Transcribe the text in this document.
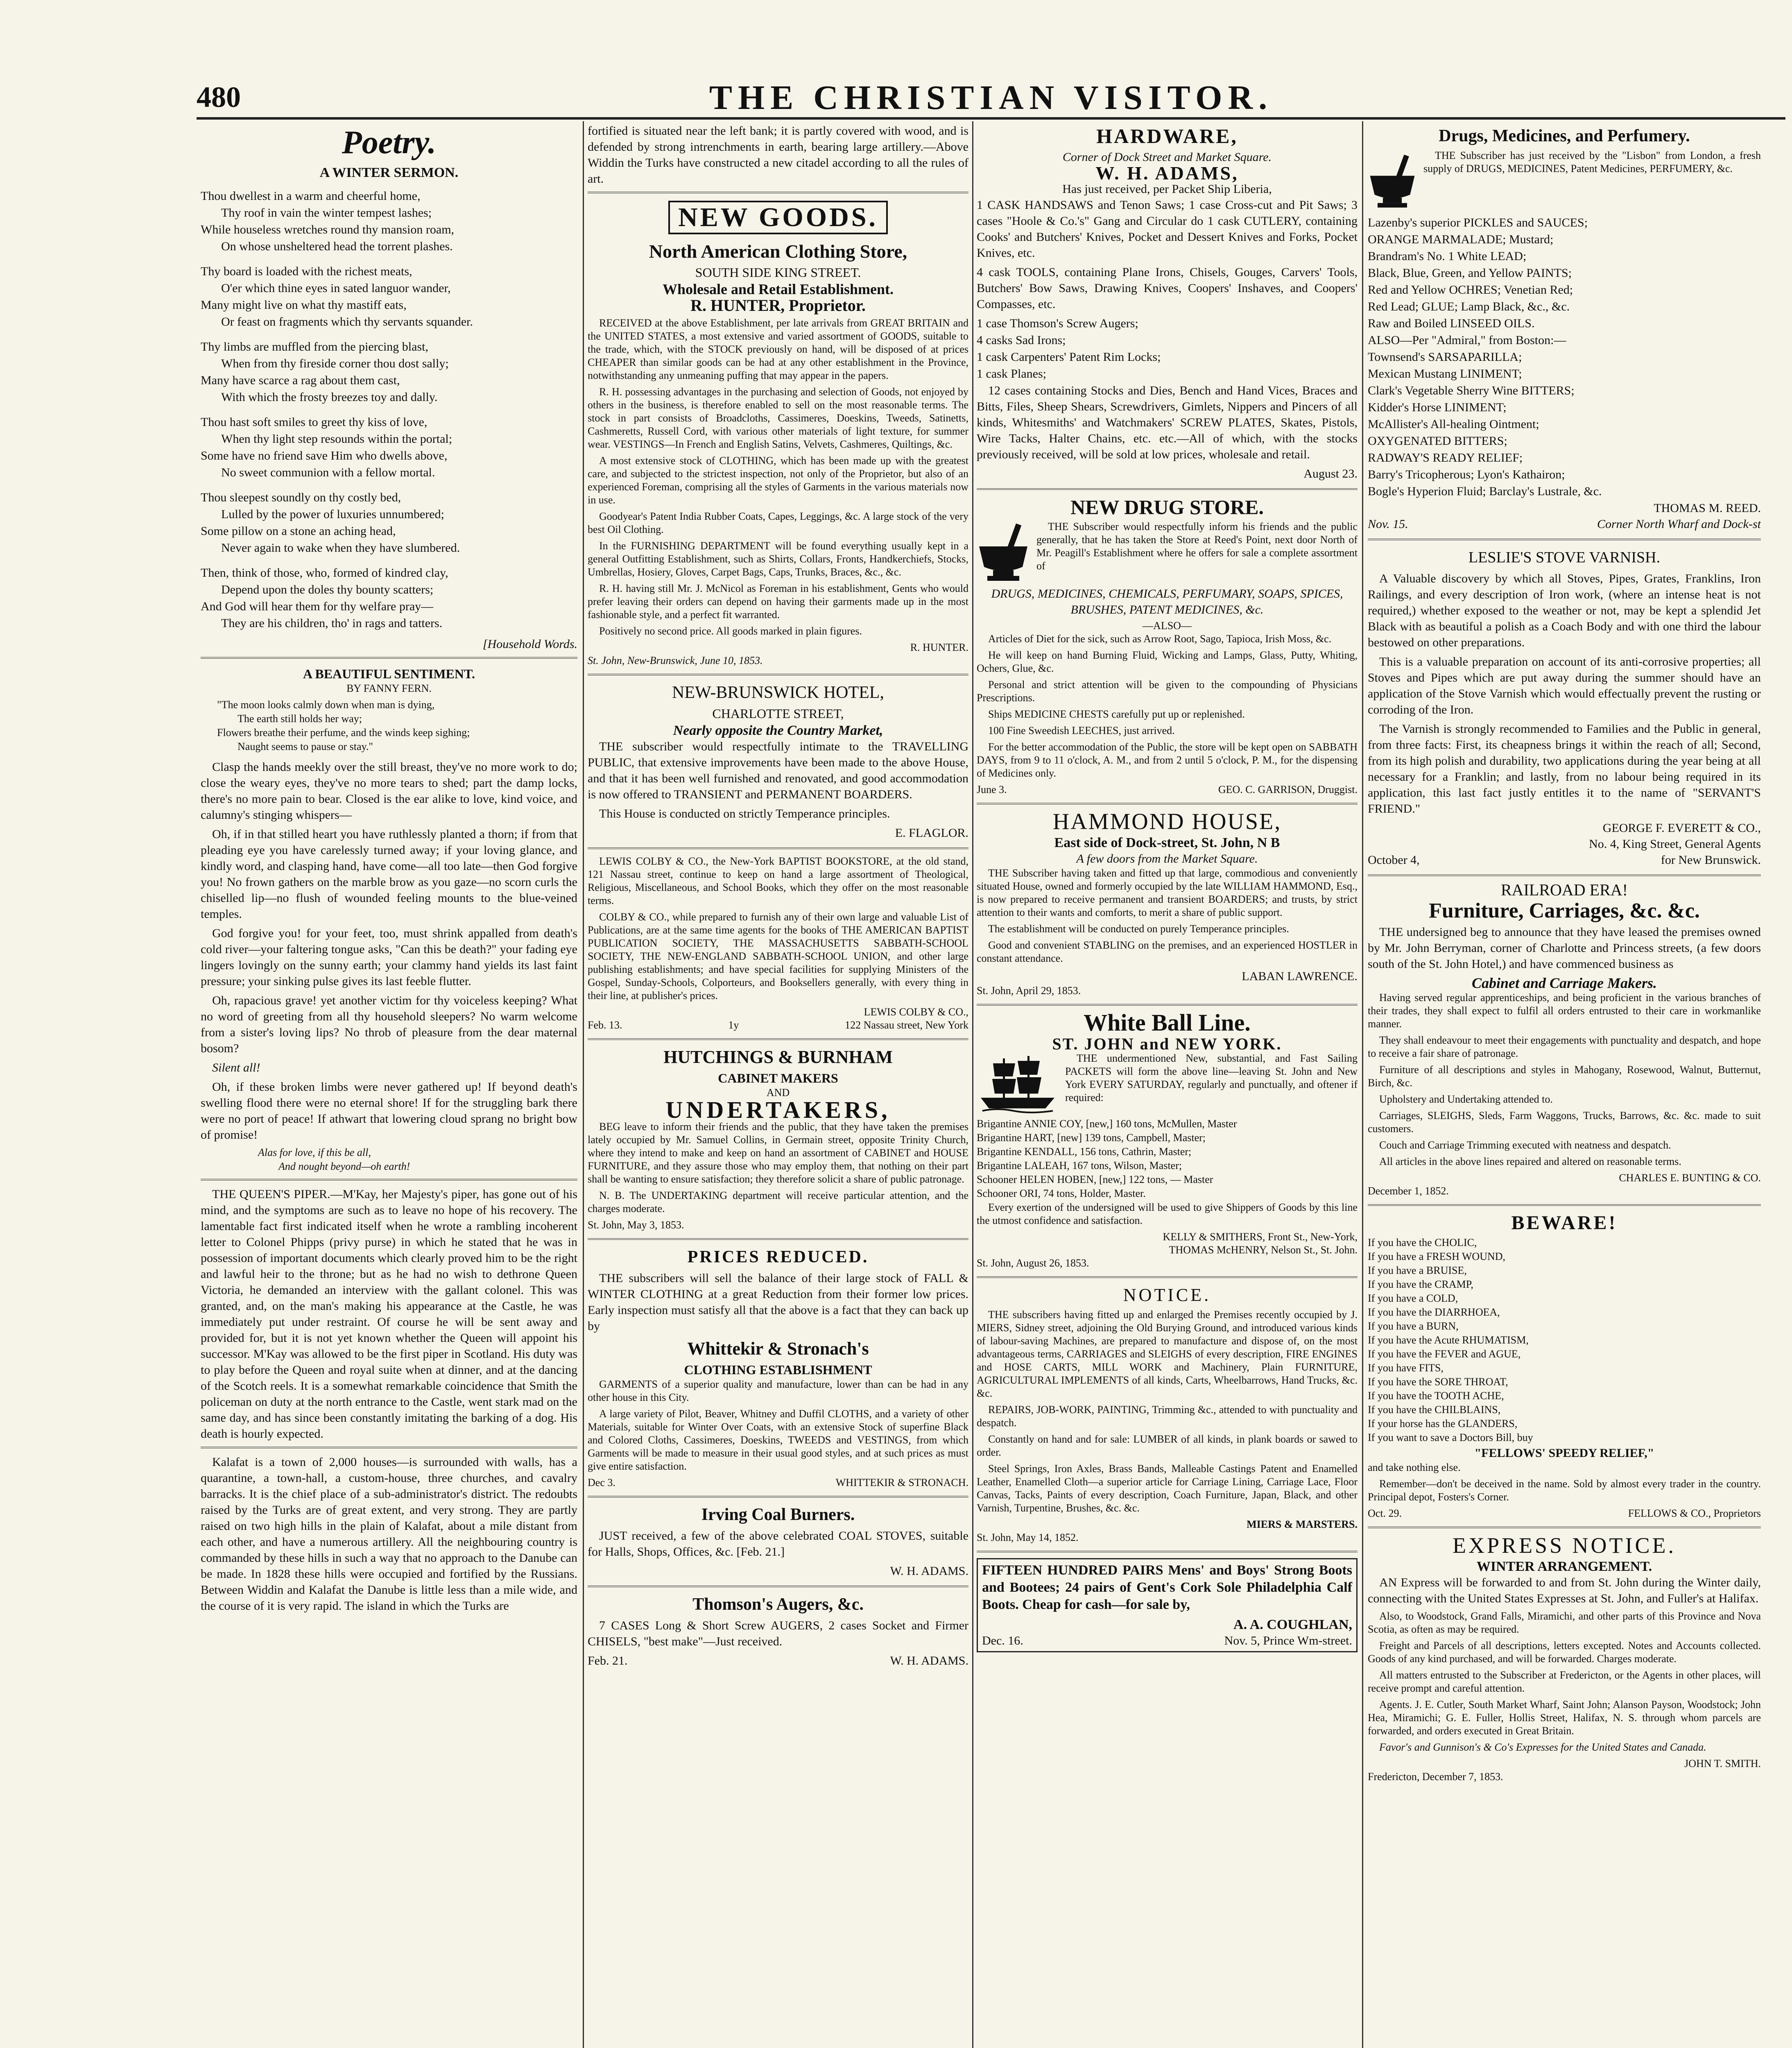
480	THE CHRISTIAN VISITOR.
Poetry.
A WINTER SERMON.

Thou dwellest in a warm and cheerful home,

Thy roof in vain the winter tempest lashes;

While houseless wretches round thy mansion roam,

On whose unsheltered head the torrent plashes.

Thy board is loaded with the richest meats,

O'er which thine eyes in sated languor wander,

Many might live on what thy mastiff eats,

Or feast on fragments which thy servants squander.

Thy limbs are muffled from the piercing blast,

When from thy fireside corner thou dost sally;

Many have scarce a rag about them cast,

With which the frosty breezes toy and dally.

Thou hast soft smiles to greet thy kiss of love,

When thy light step resounds within the portal;

Some have no friend save Him who dwells above,

No sweet communion with a fellow mortal.

Thou sleepest soundly on thy costly bed,

Lulled by the power of luxuries unnumbered;

Some pillow on a stone an aching head,

Never again to wake when they have slumbered.

Then, think of those, who, formed of kindred clay,

Depend upon the doles thy bounty scatters;

And God will hear them for thy welfare pray—

They are his children, tho' in rags and tatters.

[Household Words.
A BEAUTIFUL SENTIMENT.
BY FANNY FERN.

"The moon looks calmly down when man is dying,

The earth still holds her way;

Flowers breathe their perfume, and the winds keep sighing;

Naught seems to pause or stay."

Clasp the hands meekly over the still breast, they've no more work to do; close the weary eyes, they've no more tears to shed; part the damp locks, there's no more pain to bear. Closed is the ear alike to love, kind voice, and calumny's stinging whispers—

Oh, if in that stilled heart you have ruthlessly planted a thorn; if from that pleading eye you have carelessly turned away; if your loving glance, and kindly word, and clasping hand, have come—all too late—then God forgive you! No frown gathers on the marble brow as you gaze—no scorn curls the chiselled lip—no flush of wounded feeling mounts to the blue-veined temples.

God forgive you! for your feet, too, must shrink appalled from death's cold river—your faltering tongue asks, "Can this be death?" your fading eye lingers lovingly on the sunny earth; your clammy hand yields its last faint pressure; your sinking pulse gives its last feeble flutter.

Oh, rapacious grave! yet another victim for thy voiceless keeping? What no word of greeting from all thy household sleepers? No warm welcome from a sister's loving lips? No throb of pleasure from the dear maternal bosom?

Silent all!

Oh, if these broken limbs were never gathered up! If beyond death's swelling flood there were no eternal shore! If for the struggling bark there were no port of peace! If athwart that lowering cloud sprang no bright bow of promise!

Alas for love, if this be all,

And nought beyond—oh earth!

THE QUEEN'S PIPER.—M'Kay, her Majesty's piper, has gone out of his mind, and the symptoms are such as to leave no hope of his recovery. The lamentable fact first indicated itself when he wrote a rambling incoherent letter to Colonel Phipps (privy purse) in which he stated that he was in possession of important documents which clearly proved him to be the right and lawful heir to the throne; but as he had no wish to dethrone Queen Victoria, he demanded an interview with the gallant colonel. This was granted, and, on the man's making his appearance at the Castle, he was immediately put under restraint. Of course he will be sent away and provided for, but it is not yet known whether the Queen will appoint his successor. M'Kay was allowed to be the first piper in Scotland. His duty was to play before the Queen and royal suite when at dinner, and at the dancing of the Scotch reels. It is a somewhat remarkable coincidence that Smith the policeman on duty at the north entrance to the Castle, went stark mad on the same day, and has since been constantly imitating the barking of a dog. His death is hourly expected.

Kalafat is a town of 2,000 houses—is surrounded with walls, has a quarantine, a town-hall, a custom-house, three churches, and cavalry barracks. It is the chief place of a sub-administrator's district. The redoubts raised by the Turks are of great extent, and very strong. They are partly raised on two high hills in the plain of Kalafat, about a mile distant from each other, and have a numerous artillery. All the neighbouring country is commanded by these hills in such a way that no approach to the Danube can be made. In 1828 these hills were occupied and fortified by the Russians. Between Widdin and Kalafat the Danube is little less than a mile wide, and the course of it is very rapid. The island in which the Turks are

fortified is situated near the left bank; it is partly covered with wood, and is defended by strong intrenchments in earth, bearing large artillery.—Above Widdin the Turks have constructed a new citadel according to all the rules of art.

NEW GOODS.
North American Clothing Store,
SOUTH SIDE KING STREET.
Wholesale and Retail Establishment.
R. HUNTER, Proprietor.

RECEIVED at the above Establishment, per late arrivals from GREAT BRITAIN and the UNITED STATES, a most extensive and varied assortment of GOODS, suitable to the trade, which, with the STOCK previously on hand, will be disposed of at prices CHEAPER than similar goods can be had at any other establishment in the Province, notwithstanding any unmeaning puffing that may appear in the papers.

R. H. possessing advantages in the purchasing and selection of Goods, not enjoyed by others in the business, is therefore enabled to sell on the most reasonable terms. The stock in part consists of Broadcloths, Cassimeres, Doeskins, Tweeds, Satinetts, Cashmeretts, Russell Cord, with various other materials of light texture, for summer wear. VESTINGS—In French and English Satins, Velvets, Cashmeres, Quiltings, &c.

A most extensive stock of CLOTHING, which has been made up with the greatest care, and subjected to the strictest inspection, not only of the Proprietor, but also of an experienced Foreman, comprising all the styles of Garments in the various materials now in use.

Goodyear's Patent India Rubber Coats, Capes, Leggings, &c. A large stock of the very best Oil Clothing.

In the FURNISHING DEPARTMENT will be found everything usually kept in a general Outfitting Establishment, such as Shirts, Collars, Fronts, Handkerchiefs, Stocks, Umbrellas, Hosiery, Gloves, Carpet Bags, Caps, Trunks, Braces, &c., &c.

R. H. having still Mr. J. McNicol as Foreman in his establishment, Gents who would prefer leaving their orders can depend on having their garments made up in the most fashionable style, and a perfect fit warranted.

Positively no second price. All goods marked in plain figures.

R. HUNTER.
St. John, New-Brunswick, June 10, 1853.
NEW-BRUNSWICK HOTEL,
CHARLOTTE STREET,
Nearly opposite the Country Market,

THE subscriber would respectfully intimate to the TRAVELLING PUBLIC, that extensive improvements have been made to the above House, and that it has been well furnished and renovated, and good accommodation is now offered to TRANSIENT and PERMANENT BOARDERS.

This House is conducted on strictly Temperance principles.

E. FLAGLOR.

LEWIS COLBY & CO., the New-York BAPTIST BOOKSTORE, at the old stand, 121 Nassau street, continue to keep on hand a large assortment of Theological, Religious, Miscellaneous, and School Books, which they offer on the most reasonable terms.

COLBY & CO., while prepared to furnish any of their own large and valuable List of Publications, are at the same time agents for the books of THE AMERICAN BAPTIST PUBLICATION SOCIETY, THE MASSACHUSETTS SABBATH-SCHOOL SOCIETY, THE NEW-ENGLAND SABBATH-SCHOOL UNION, and other large publishing establishments; and have special facilities for supplying Ministers of the Gospel, Sunday-Schools, Colporteurs, and Booksellers generally, with every thing in their line, at publisher's prices.

LEWIS COLBY & CO.,
Feb. 13.	1y	122 Nassau street, New York
HUTCHINGS & BURNHAM
CABINET MAKERS
AND
UNDERTAKERS,

BEG leave to inform their friends and the public, that they have taken the premises lately occupied by Mr. Samuel Collins, in Germain street, opposite Trinity Church, where they intend to make and keep on hand an assortment of CABINET and HOUSE FURNITURE, and they assure those who may employ them, that nothing on their part shall be wanting to ensure satisfaction; they therefore solicit a share of public patronage.

N. B. The UNDERTAKING department will receive particular attention, and the charges moderate.

St. John, May 3, 1853.
PRICES REDUCED.

THE subscribers will sell the balance of their large stock of FALL & WINTER CLOTHING at a great Reduction from their former low prices. Early inspection must satisfy all that the above is a fact that they can back up by

Whittekir & Stronach's
CLOTHING ESTABLISHMENT

GARMENTS of a superior quality and manufacture, lower than can be had in any other house in this City.

A large variety of Pilot, Beaver, Whitney and Duffil CLOTHS, and a variety of other Materials, suitable for Winter Over Coats, with an extensive Stock of superfine Black and Colored Cloths, Cassimeres, Doeskins, TWEEDS and VESTINGS, from which Garments will be made to measure in their usual good styles, and at such prices as must give entire satisfaction.

Dec 3.	WHITTEKIR & STRONACH.
Irving Coal Burners.

JUST received, a few of the above celebrated COAL STOVES, suitable for Halls, Shops, Offices, &c. [Feb. 21.]

W. H. ADAMS.
Thomson's Augers, &c.

7 CASES Long & Short Screw AUGERS, 2 cases Socket and Firmer CHISELS, "best make"—Just received.

Feb. 21.	W. H. ADAMS.
HARDWARE,
Corner of Dock Street and Market Square.
W. H. ADAMS,
Has just received, per Packet Ship Liberia,

1 CASK HANDSAWS and Tenon Saws; 1 case Cross-cut and Pit Saws; 3 cases "Hoole & Co.'s" Gang and Circular do 1 cask CUTLERY, containing Cooks' and Butchers' Knives, Pocket and Dessert Knives and Forks, Pocket Knives, etc.

4 cask TOOLS, containing Plane Irons, Chisels, Gouges, Carvers' Tools, Butchers' Bow Saws, Drawing Knives, Coopers' Inshaves, and Coopers' Compasses, etc.

1 case Thomson's Screw Augers;
4 casks Sad Irons;
1 cask Carpenters' Patent Rim Locks;
1 cask Planes;

12 cases containing Stocks and Dies, Bench and Hand Vices, Braces and Bitts, Files, Sheep Shears, Screwdrivers, Gimlets, Nippers and Pincers of all kinds, Whitesmiths' and Watchmakers' SCREW PLATES, Skates, Pistols, Wire Tacks, Halter Chains, etc. etc.—All of which, with the stocks previously received, will be sold at low prices, wholesale and retail.

August 23.
NEW DRUG STORE.

THE Subscriber would respectfully inform his friends and the public generally, that he has taken the Store at Reed's Point, next door North of Mr. Peagill's Establishment where he offers for sale a complete assortment of

DRUGS, MEDICINES, CHEMICALS, PERFUMARY, SOAPS, SPICES, BRUSHES, PATENT MEDICINES, &c.

—ALSO—

Articles of Diet for the sick, such as Arrow Root, Sago, Tapioca, Irish Moss, &c.

He will keep on hand Burning Fluid, Wicking and Lamps, Glass, Putty, Whiting, Ochers, Glue, &c.

Personal and strict attention will be given to the compounding of Physicians Prescriptions.

Ships MEDICINE CHESTS carefully put up or replenished.

100 Fine Sweedish LEECHES, just arrived.

For the better accommodation of the Public, the store will be kept open on SABBATH DAYS, from 9 to 11 o'clock, A. M., and from 2 until 5 o'clock, P. M., for the dispensing of Medicines only.

June 3.	GEO. C. GARRISON, Druggist.
HAMMOND HOUSE,
East side of Dock-street, St. John, N B
A few doors from the Market Square.

THE Subscriber having taken and fitted up that large, commodious and conveniently situated House, owned and formerly occupied by the late WILLIAM HAMMOND, Esq., is now prepared to receive permanent and transient BOARDERS; and trusts, by strict attention to their wants and comforts, to merit a share of public support.

The establishment will be conducted on purely Temperance principles.

Good and convenient STABLING on the premises, and an experienced HOSTLER in constant attendance.

LABAN LAWRENCE.
St. John, April 29, 1853.
White Ball Line.
ST. JOHN and NEW YORK.

THE undermentioned New, substantial, and Fast Sailing PACKETS will form the above line—leaving St. John and New York EVERY SATURDAY, regularly and punctually, and oftener if required:

Brigantine ANNIE COY, [new,] 160 tons, McMullen, Master
Brigantine HART, [new] 139 tons, Campbell, Master;
Brigantine KENDALL, 156 tons, Cathrin, Master;
Brigantine LALEAH, 167 tons, Wilson, Master;
Schooner HELEN HOBEN, [new,] 122 tons, — Master
Schooner ORI, 74 tons, Holder, Master.

Every exertion of the undersigned will be used to give Shippers of Goods by this line the utmost confidence and satisfaction.

KELLY & SMITHERS, Front St., New-York,
THOMAS McHENRY, Nelson St., St. John.
St. John, August 26, 1853.
NOTICE.

THE subscribers having fitted up and enlarged the Premises recently occupied by J. MIERS, Sidney street, adjoining the Old Burying Ground, and introduced various kinds of labour-saving Machines, are prepared to manufacture and dispose of, on the most advantageous terms, CARRIAGES and SLEIGHS of every description, FIRE ENGINES and HOSE CARTS, MILL WORK and Machinery, Plain FURNITURE, AGRICULTURAL IMPLEMENTS of all kinds, Carts, Wheelbarrows, Hand Trucks, &c. &c.

REPAIRS, JOB-WORK, PAINTING, Trimming &c., attended to with punctuality and despatch.

Constantly on hand and for sale: LUMBER of all kinds, in plank boards or sawed to order.

Steel Springs, Iron Axles, Brass Bands, Malleable Castings Patent and Enamelled Leather, Enamelled Cloth—a superior article for Carriage Lining, Carriage Lace, Floor Canvas, Tacks, Paints of every description, Coach Furniture, Japan, Black, and other Varnish, Turpentine, Brushes, &c. &c.

MIERS & MARSTERS.
St. John, May 14, 1852.

FIFTEEN HUNDRED PAIRS Mens' and Boys' Strong Boots and Bootees; 24 pairs of Gent's Cork Sole Philadelphia Calf Boots. Cheap for cash—for sale by,

A. A. COUGHLAN,
Dec. 16.	Nov. 5, Prince Wm-street.
Drugs, Medicines, and Perfumery.

THE Subscriber has just received by the "Lisbon" from London, a fresh supply of DRUGS, MEDICINES, Patent Medicines, PERFUMERY, &c.

Lazenby's superior PICKLES and SAUCES;
ORANGE MARMALADE; Mustard;
Brandram's No. 1 White LEAD;
Black, Blue, Green, and Yellow PAINTS;
Red and Yellow OCHRES; Venetian Red;
Red Lead; GLUE; Lamp Black, &c., &c.
Raw and Boiled LINSEED OILS.
ALSO—Per "Admiral," from Boston:—
Townsend's SARSAPARILLA;
Mexican Mustang LINIMENT;
Clark's Vegetable Sherry Wine BITTERS;
Kidder's Horse LINIMENT;
McAllister's All-healing Ointment;
OXYGENATED BITTERS;
RADWAY'S READY RELIEF;
Barry's Tricopherous; Lyon's Kathairon;
Bogle's Hyperion Fluid; Barclay's Lustrale, &c.
THOMAS M. REED.
Nov. 15.	Corner North Wharf and Dock-st
LESLIE'S STOVE VARNISH.

A Valuable discovery by which all Stoves, Pipes, Grates, Franklins, Iron Railings, and every description of Iron work, (where an intense heat is not required,) whether exposed to the weather or not, may be kept a splendid Jet Black with as beautiful a polish as a Coach Body and with one third the labour bestowed on other preparations.

This is a valuable preparation on account of its anti-corrosive properties; all Stoves and Pipes which are put away during the summer should have an application of the Stove Varnish which would effectually prevent the rusting or corroding of the Iron.

The Varnish is strongly recommended to Families and the Public in general, from three facts: First, its cheapness brings it within the reach of all; Second, from its high polish and durability, two applications during the year being at all necessary for a Franklin; and lastly, from no labour being required in its application, this last fact justly entitles it to the name of "SERVANT'S FRIEND."

GEORGE F. EVERETT & CO.,
No. 4, King Street, General Agents
October 4,	for New Brunswick.
RAILROAD ERA!
Furniture, Carriages, &c. &c.

THE undersigned beg to announce that they have leased the premises owned by Mr. John Berryman, corner of Charlotte and Princess streets, (a few doors south of the St. John Hotel,) and have commenced business as

Cabinet and Carriage Makers.

Having served regular apprenticeships, and being proficient in the various branches of their trades, they shall expect to fulfil all orders entrusted to their care in workmanlike manner.

They shall endeavour to meet their engagements with punctuality and despatch, and hope to receive a fair share of patronage.

Furniture of all descriptions and styles in Mahogany, Rosewood, Walnut, Butternut, Birch, &c.

Upholstery and Undertaking attended to.

Carriages, SLEIGHS, Sleds, Farm Waggons, Trucks, Barrows, &c. &c. made to suit customers.

Couch and Carriage Trimming executed with neatness and despatch.

All articles in the above lines repaired and altered on reasonable terms.

CHARLES E. BUNTING & CO.
December 1, 1852.
BEWARE!
If you have the CHOLIC,
If you have a FRESH WOUND,
If you have a BRUISE,
If you have the CRAMP,
If you have a COLD,
If you have the DIARRHOEA,
If you have a BURN,
If you have the Acute RHUMATISM,
If you have the FEVER and AGUE,
If you have FITS,
If you have the SORE THROAT,
If you have the TOOTH ACHE,
If you have the CHILBLAINS,
If your horse has the GLANDERS,
If you want to save a Doctors Bill, buy
"FELLOWS' SPEEDY RELIEF,"

and take nothing else.

Remember—don't be deceived in the name. Sold by almost every trader in the country. Principal depot, Fosters's Corner.

Oct. 29.	FELLOWS & CO., Proprietors
EXPRESS NOTICE.
WINTER ARRANGEMENT.

AN Express will be forwarded to and from St. John during the Winter daily, connecting with the United States Expresses at St. John, and Fuller's at Halifax.

Also, to Woodstock, Grand Falls, Miramichi, and other parts of this Province and Nova Scotia, as often as may be required.

Freight and Parcels of all descriptions, letters excepted. Notes and Accounts collected. Goods of any kind purchased, and will be forwarded. Charges moderate.

All matters entrusted to the Subscriber at Fredericton, or the Agents in other places, will receive prompt and careful attention.

Agents. J. E. Cutler, South Market Wharf, Saint John; Alanson Payson, Woodstock; John Hea, Miramichi; G. E. Fuller, Hollis Street, Halifax, N. S. through whom parcels are forwarded, and orders executed in Great Britain.

Favor's and Gunnison's & Co's Expresses for the United States and Canada.

JOHN T. SMITH.
Fredericton, December 7, 1853.
